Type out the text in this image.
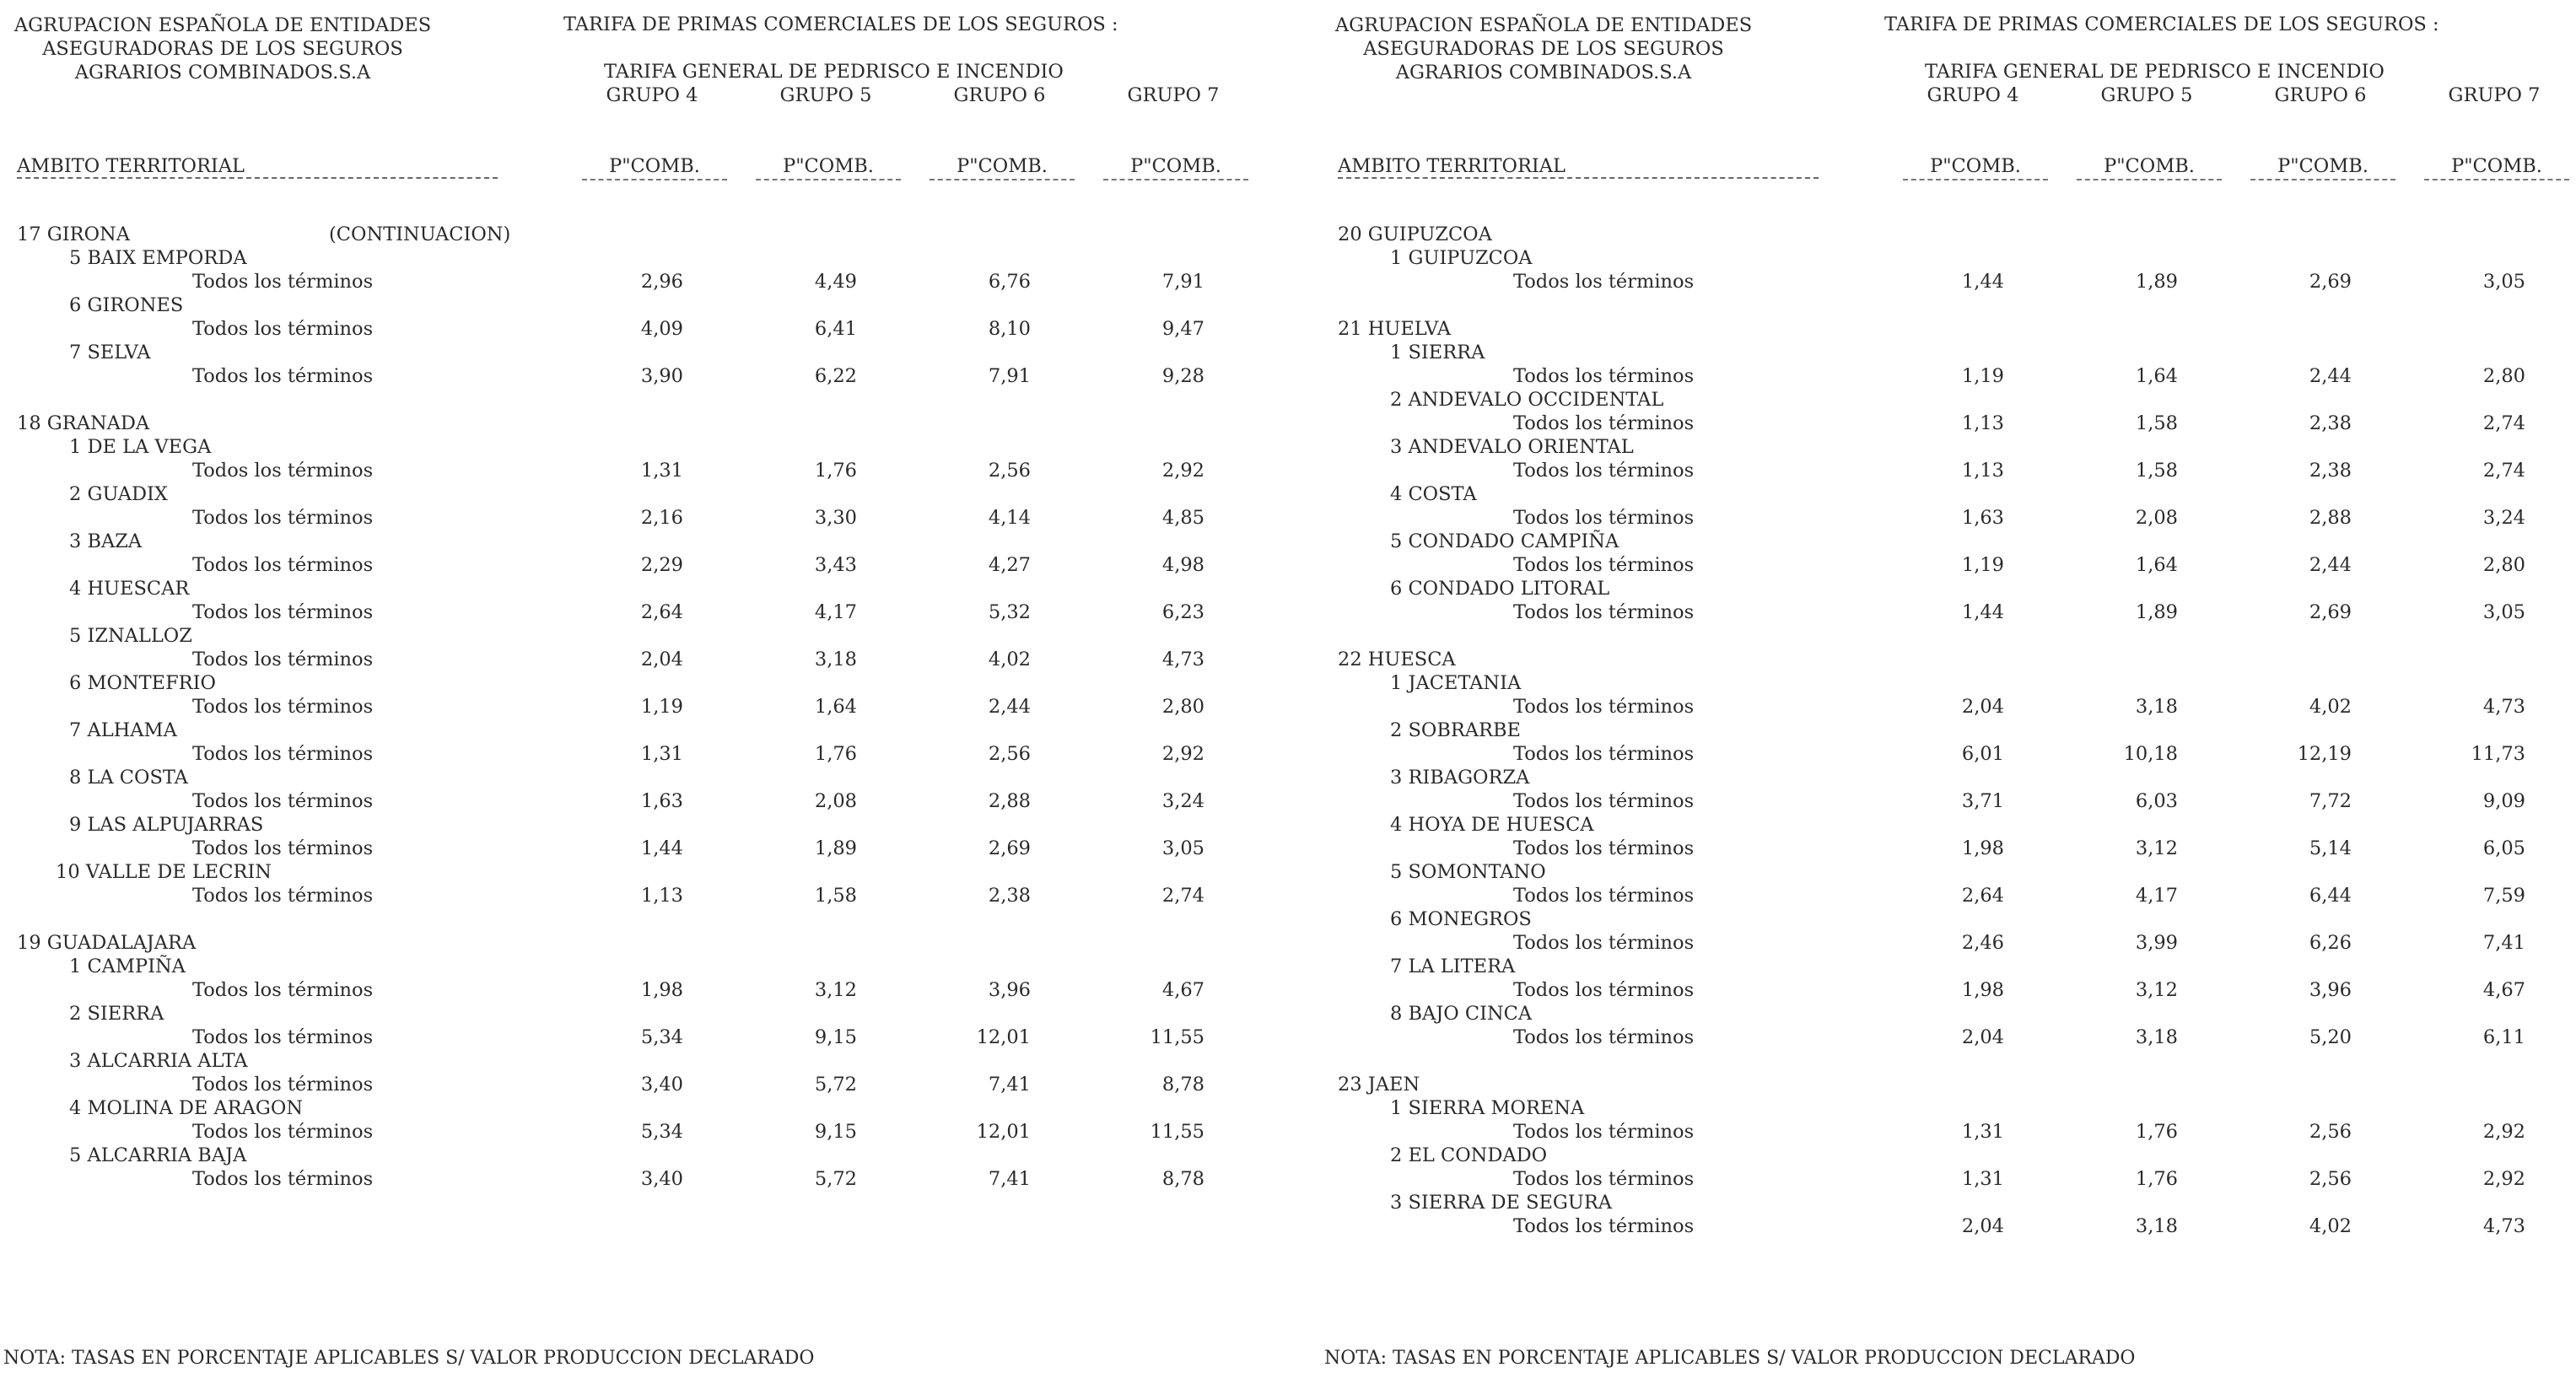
AGRUPACION ESPAÑOLA DE ENTIDADES
ASEGURADORAS DE LOS SEGUROS
AGRARIOS COMBINADOS.S.A
TARIFA DE PRIMAS COMERCIALES DE LOS SEGUROS :
TARIFA GENERAL DE PEDRISCO E INCENDIO
GRUPO 4	GRUPO 5	GRUPO 6	GRUPO 7
AMBITO TERRITORIAL	P"COMB.	P"COMB.	P"COMB.	P"COMB.
17 GIRONA	(CONTINUACION)
5 BAIX EMPORDA
Todos los términos	2,96	4,49	6,76	7,91
6 GIRONES
Todos los términos	4,09	6,41	8,10	9,47
7 SELVA
Todos los términos	3,90	6,22	7,91	9,28
18 GRANADA
1 DE LA VEGA
Todos los términos	1,31	1,76	2,56	2,92
2 GUADIX
Todos los términos	2,16	3,30	4,14	4,85
3 BAZA
Todos los términos	2,29	3,43	4,27	4,98
4 HUESCAR
Todos los términos	2,64	4,17	5,32	6,23
5 IZNALLOZ
Todos los términos	2,04	3,18	4,02	4,73
6 MONTEFRIO
Todos los términos	1,19	1,64	2,44	2,80
7 ALHAMA
Todos los términos	1,31	1,76	2,56	2,92
8 LA COSTA
Todos los términos	1,63	2,08	2,88	3,24
9 LAS ALPUJARRAS
Todos los términos	1,44	1,89	2,69	3,05
10 VALLE DE LECRIN
Todos los términos	1,13	1,58	2,38	2,74
19 GUADALAJARA
1 CAMPIÑA
Todos los términos	1,98	3,12	3,96	4,67
2 SIERRA
Todos los términos	5,34	9,15	12,01	11,55
3 ALCARRIA ALTA
Todos los términos	3,40	5,72	7,41	8,78
4 MOLINA DE ARAGON
Todos los términos	5,34	9,15	12,01	11,55
5 ALCARRIA BAJA
Todos los términos	3,40	5,72	7,41	8,78
NOTA: TASAS EN PORCENTAJE APLICABLES S/ VALOR PRODUCCION DECLARADO
AGRUPACION ESPAÑOLA DE ENTIDADES
ASEGURADORAS DE LOS SEGUROS
AGRARIOS COMBINADOS.S.A
TARIFA DE PRIMAS COMERCIALES DE LOS SEGUROS :
TARIFA GENERAL DE PEDRISCO E INCENDIO
GRUPO 4	GRUPO 5	GRUPO 6	GRUPO 7
AMBITO TERRITORIAL	P"COMB.	P"COMB.	P"COMB.	P"COMB.
20 GUIPUZCOA
1 GUIPUZCOA
Todos los términos	1,44	1,89	2,69	3,05
21 HUELVA
1 SIERRA
Todos los términos	1,19	1,64	2,44	2,80
2 ANDEVALO OCCIDENTAL
Todos los términos	1,13	1,58	2,38	2,74
3 ANDEVALO ORIENTAL
Todos los términos	1,13	1,58	2,38	2,74
4 COSTA
Todos los términos	1,63	2,08	2,88	3,24
5 CONDADO CAMPIÑA
Todos los términos	1,19	1,64	2,44	2,80
6 CONDADO LITORAL
Todos los términos	1,44	1,89	2,69	3,05
22 HUESCA
1 JACETANIA
Todos los términos	2,04	3,18	4,02	4,73
2 SOBRARBE
Todos los términos	6,01	10,18	12,19	11,73
3 RIBAGORZA
Todos los términos	3,71	6,03	7,72	9,09
4 HOYA DE HUESCA
Todos los términos	1,98	3,12	5,14	6,05
5 SOMONTANO
Todos los términos	2,64	4,17	6,44	7,59
6 MONEGROS
Todos los términos	2,46	3,99	6,26	7,41
7 LA LITERA
Todos los términos	1,98	3,12	3,96	4,67
8 BAJO CINCA
Todos los términos	2,04	3,18	5,20	6,11
23 JAEN
1 SIERRA MORENA
Todos los términos	1,31	1,76	2,56	2,92
2 EL CONDADO
Todos los términos	1,31	1,76	2,56	2,92
3 SIERRA DE SEGURA
Todos los términos	2,04	3,18	4,02	4,73
NOTA: TASAS EN PORCENTAJE APLICABLES S/ VALOR PRODUCCION DECLARADO
